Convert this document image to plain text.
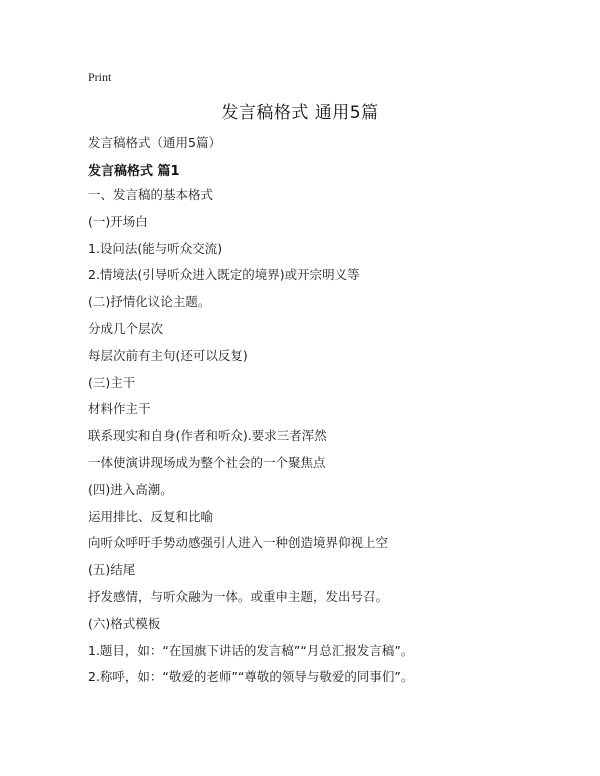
Print
发言稿格式 通用5篇
发言稿格式（通用5篇）
发言稿格式 篇1
一、发言稿的基本格式
(一)开场白
1.设问法(能与听众交流)
2.情境法(引导听众进入既定的境界)或开宗明义等
(二)抒情化议论主题。
分成几个层次
每层次前有主句(还可以反复)
(三)主干
材料作主干
联系现实和自身(作者和听众).要求三者浑然
一体使演讲现场成为整个社会的一个聚焦点
(四)进入高潮。
运用排比、反复和比喻
向听众呼吁手势动感强引人进入一种创造境界仰视上空
(五)结尾
抒发感情，与听众融为一体。或重申主题，发出号召。
(六)格式模板
1.题目，如：“在国旗下讲话的发言稿”“月总汇报发言稿”。
2.称呼，如：“敬爱的老师”“尊敬的领导与敬爱的同事们”。
